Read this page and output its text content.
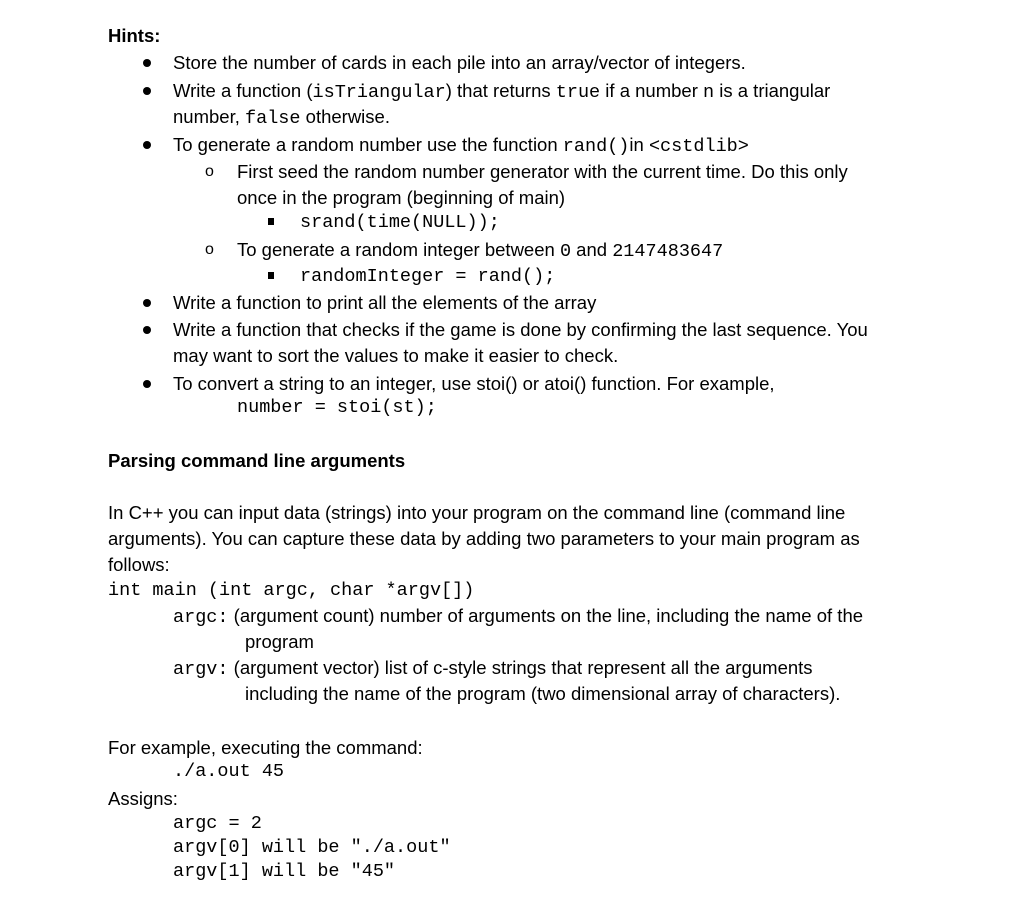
Hints:
Store the number of cards in each pile into an array/vector of integers.
Write a function (isTriangular) that returns true if a number n is a triangular
number, false otherwise.
To generate a random number use the function rand()in <cstdlib>
o First seed the random number generator with the current time. Do this only
once in the program (beginning of main)
srand(time(NULL));
o To generate a random integer between 0 and 2147483647
randomInteger = rand();
Write a function to print all the elements of the array
Write a function that checks if the game is done by confirming the last sequence. You
may want to sort the values to make it easier to check.
To convert a string to an integer, use stoi() or atoi() function. For example,
number = stoi(st);
Parsing command line arguments
In C++ you can input data (strings) into your program on the command line (command line
arguments). You can capture these data by adding two parameters to your main program as
follows:
int main (int argc, char *argv[])
argc: (argument count) number of arguments on the line, including the name of the
program
argv: (argument vector) list of c-style strings that represent all the arguments
including the name of the program (two dimensional array of characters).
For example, executing the command:
./a.out 45
Assigns:
argc = 2
argv[0] will be "./a.out"
argv[1] will be "45"
